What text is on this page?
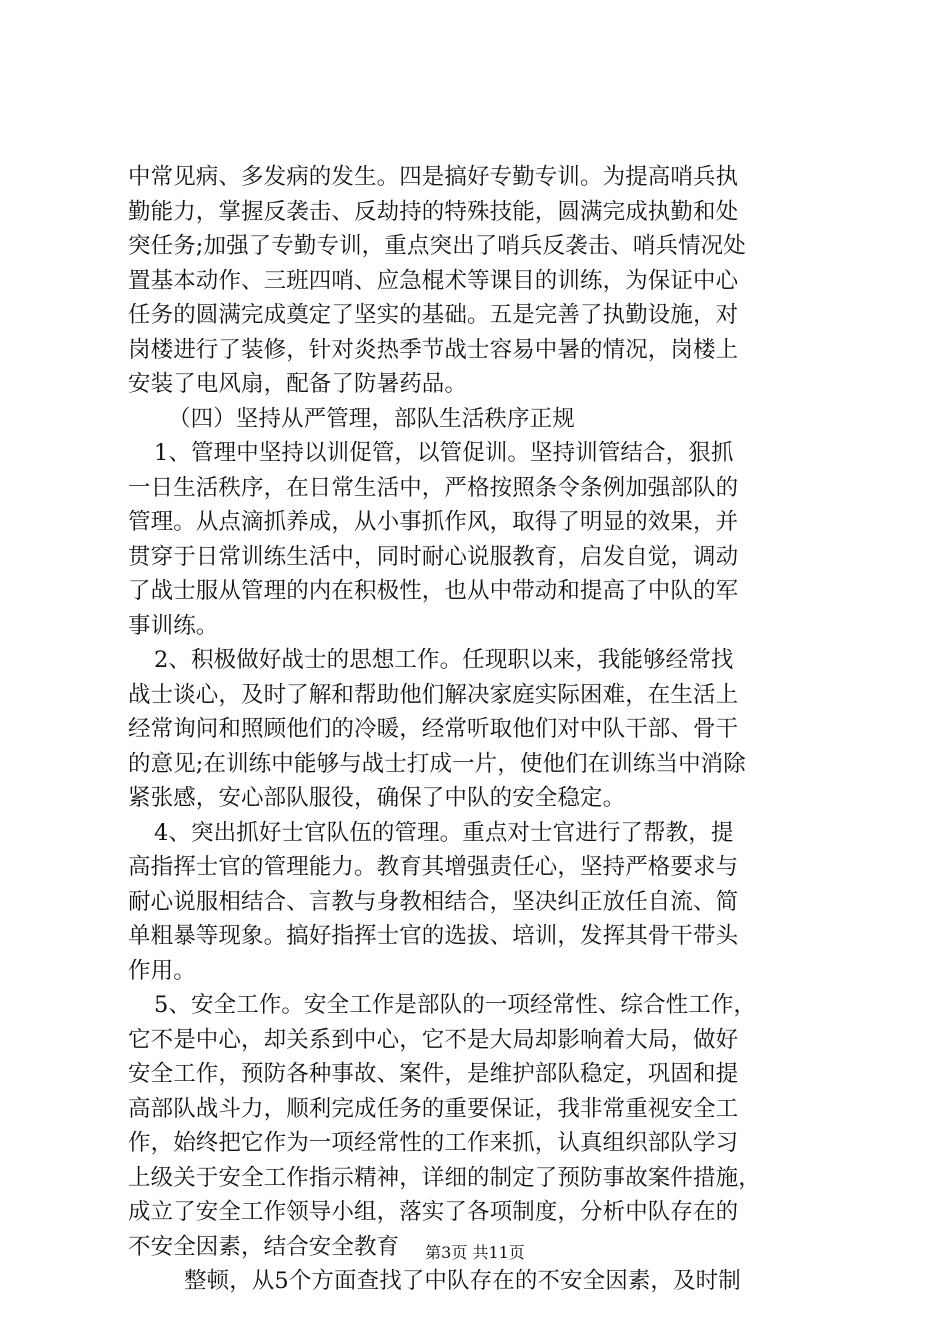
中常见病、多发病的发生。四是搞好专勤专训。为提高哨兵执
勤能力，掌握反袭击、反劫持的特殊技能，圆满完成执勤和处
突任务;加强了专勤专训，重点突出了哨兵反袭击、哨兵情况处
置基本动作、三班四哨、应急棍术等课目的训练，为保证中心
任务的圆满完成奠定了坚实的基础。五是完善了执勤设施，对
岗楼进行了装修，针对炎热季节战士容易中暑的情况，岗楼上
安装了电风扇，配备了防暑药品。
（四）坚持从严管理，部队生活秩序正规
1、管理中坚持以训促管，以管促训。坚持训管结合，狠抓
一日生活秩序，在日常生活中，严格按照条令条例加强部队的
管理。从点滴抓养成，从小事抓作风，取得了明显的效果，并
贯穿于日常训练生活中，同时耐心说服教育，启发自觉，调动
了战士服从管理的内在积极性，也从中带动和提高了中队的军
事训练。
2、积极做好战士的思想工作。任现职以来，我能够经常找
战士谈心，及时了解和帮助他们解决家庭实际困难，在生活上
经常询问和照顾他们的冷暖，经常听取他们对中队干部、骨干
的意见;在训练中能够与战士打成一片，使他们在训练当中消除
紧张感，安心部队服役，确保了中队的安全稳定。
4、突出抓好士官队伍的管理。重点对士官进行了帮教，提
高指挥士官的管理能力。教育其增强责任心，坚持严格要求与
耐心说服相结合、言教与身教相结合，坚决纠正放任自流、简
单粗暴等现象。搞好指挥士官的选拔、培训，发挥其骨干带头
作用。
5、安全工作。安全工作是部队的一项经常性、综合性工作，
它不是中心，却关系到中心，它不是大局却影响着大局，做好
安全工作，预防各种事故、案件，是维护部队稳定，巩固和提
高部队战斗力，顺利完成任务的重要保证，我非常重视安全工
作，始终把它作为一项经常性的工作来抓，认真组织部队学习
上级关于安全工作指示精神，详细的制定了预防事故案件措施，
成立了安全工作领导小组，落实了各项制度，分析中队存在的
不安全因素，结合安全教育
整顿，从5个方面查找了中队存在的不安全因素，及时制
第3页 共11页
